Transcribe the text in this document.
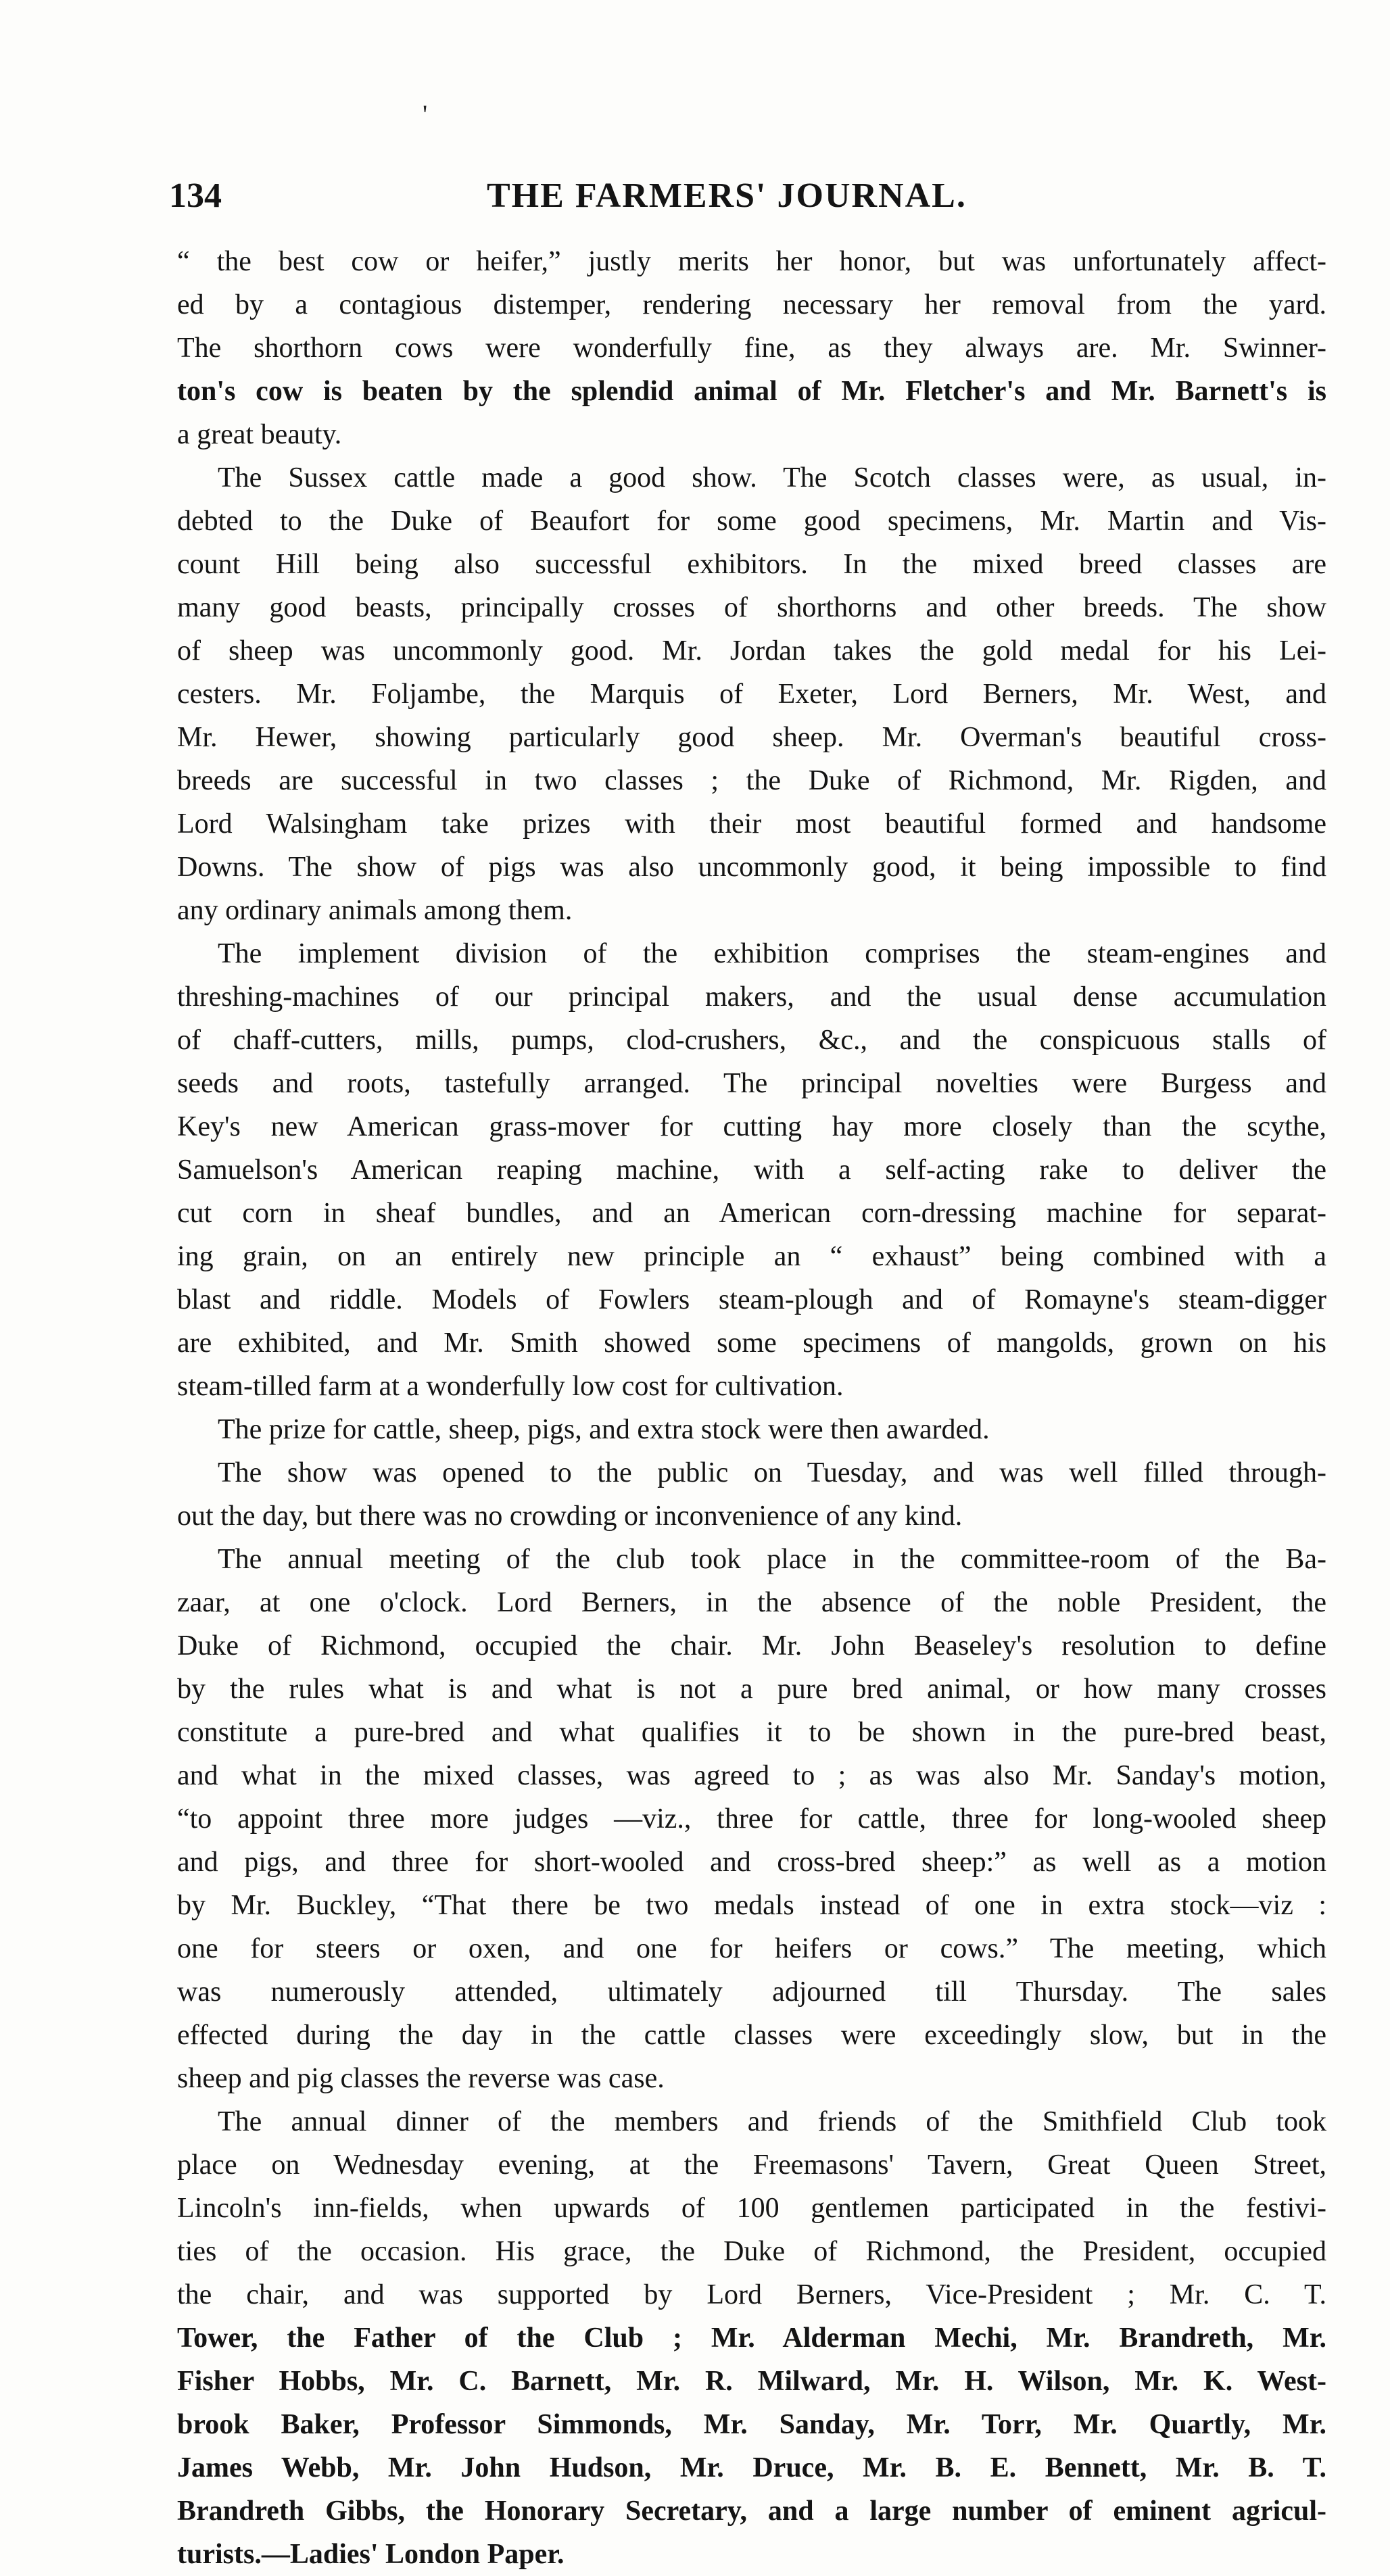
'
134	THE FARMERS' JOURNAL.
“ the best cow or heifer,” justly merits her honor, but was unfortunately affect-
ed by a contagious distemper, rendering necessary her removal from the yard.
The shorthorn cows were wonderfully fine, as they always are. Mr. Swinner-
ton's cow is beaten by the splendid animal of Mr. Fletcher's and Mr. Barnett's is
a great beauty.
The Sussex cattle made a good show. The Scotch classes were, as usual, in-
debted to the Duke of Beaufort for some good specimens, Mr. Martin and Vis-
count Hill being also successful exhibitors. In the mixed breed classes are
many good beasts, principally crosses of shorthorns and other breeds. The show
of sheep was uncommonly good. Mr. Jordan takes the gold medal for his Lei-
cesters. Mr. Foljambe, the Marquis of Exeter, Lord Berners, Mr. West, and
Mr. Hewer, showing particularly good sheep. Mr. Overman's beautiful cross-
breeds are successful in two classes ; the Duke of Richmond, Mr. Rigden, and
Lord Walsingham take prizes with their most beautiful formed and handsome
Downs. The show of pigs was also uncommonly good, it being impossible to find
any ordinary animals among them.
The implement division of the exhibition comprises the steam-engines and
threshing-machines of our principal makers, and the usual dense accumulation
of chaff-cutters, mills, pumps, clod-crushers, &c., and the conspicuous stalls of
seeds and roots, tastefully arranged. The principal novelties were Burgess and
Key's new American grass-mover for cutting hay more closely than the scythe,
Samuelson's American reaping machine, with a self-acting rake to deliver the
cut corn in sheaf bundles, and an American corn-dressing machine for separat-
ing grain, on an entirely new principle an “ exhaust” being combined with a
blast and riddle. Models of Fowlers steam-plough and of Romayne's steam-digger
are exhibited, and Mr. Smith showed some specimens of mangolds, grown on his
steam-tilled farm at a wonderfully low cost for cultivation.
The prize for cattle, sheep, pigs, and extra stock were then awarded.
The show was opened to the public on Tuesday, and was well filled through-
out the day, but there was no crowding or inconvenience of any kind.
The annual meeting of the club took place in the committee-room of the Ba-
zaar, at one o'clock. Lord Berners, in the absence of the noble President, the
Duke of Richmond, occupied the chair. Mr. John Beaseley's resolution to define
by the rules what is and what is not a pure bred animal, or how many crosses
constitute a pure-bred and what qualifies it to be shown in the pure-bred beast,
and what in the mixed classes, was agreed to ; as was also Mr. Sanday's motion,
“to appoint three more judges —viz., three for cattle, three for long-wooled sheep
and pigs, and three for short-wooled and cross-bred sheep:” as well as a motion
by Mr. Buckley, “That there be two medals instead of one in extra stock—viz :
one for steers or oxen, and one for heifers or cows.” The meeting, which
was numerously attended, ultimately adjourned till Thursday. The sales
effected during the day in the cattle classes were exceedingly slow, but in the
sheep and pig classes the reverse was case.
The annual dinner of the members and friends of the Smithfield Club took
place on Wednesday evening, at the Freemasons' Tavern, Great Queen Street,
Lincoln's inn-fields, when upwards of 100 gentlemen participated in the festivi-
ties of the occasion. His grace, the Duke of Richmond, the President, occupied
the chair, and was supported by Lord Berners, Vice-President ; Mr. C. T.
Tower, the Father of the Club ; Mr. Alderman Mechi, Mr. Brandreth, Mr.
Fisher Hobbs, Mr. C. Barnett, Mr. R. Milward, Mr. H. Wilson, Mr. K. West-
brook Baker, Professor Simmonds, Mr. Sanday, Mr. Torr, Mr. Quartly, Mr.
James Webb, Mr. John Hudson, Mr. Druce, Mr. B. E. Bennett, Mr. B. T.
Brandreth Gibbs, the Honorary Secretary, and a large number of eminent agricul-
turists.—Ladies' London Paper.
